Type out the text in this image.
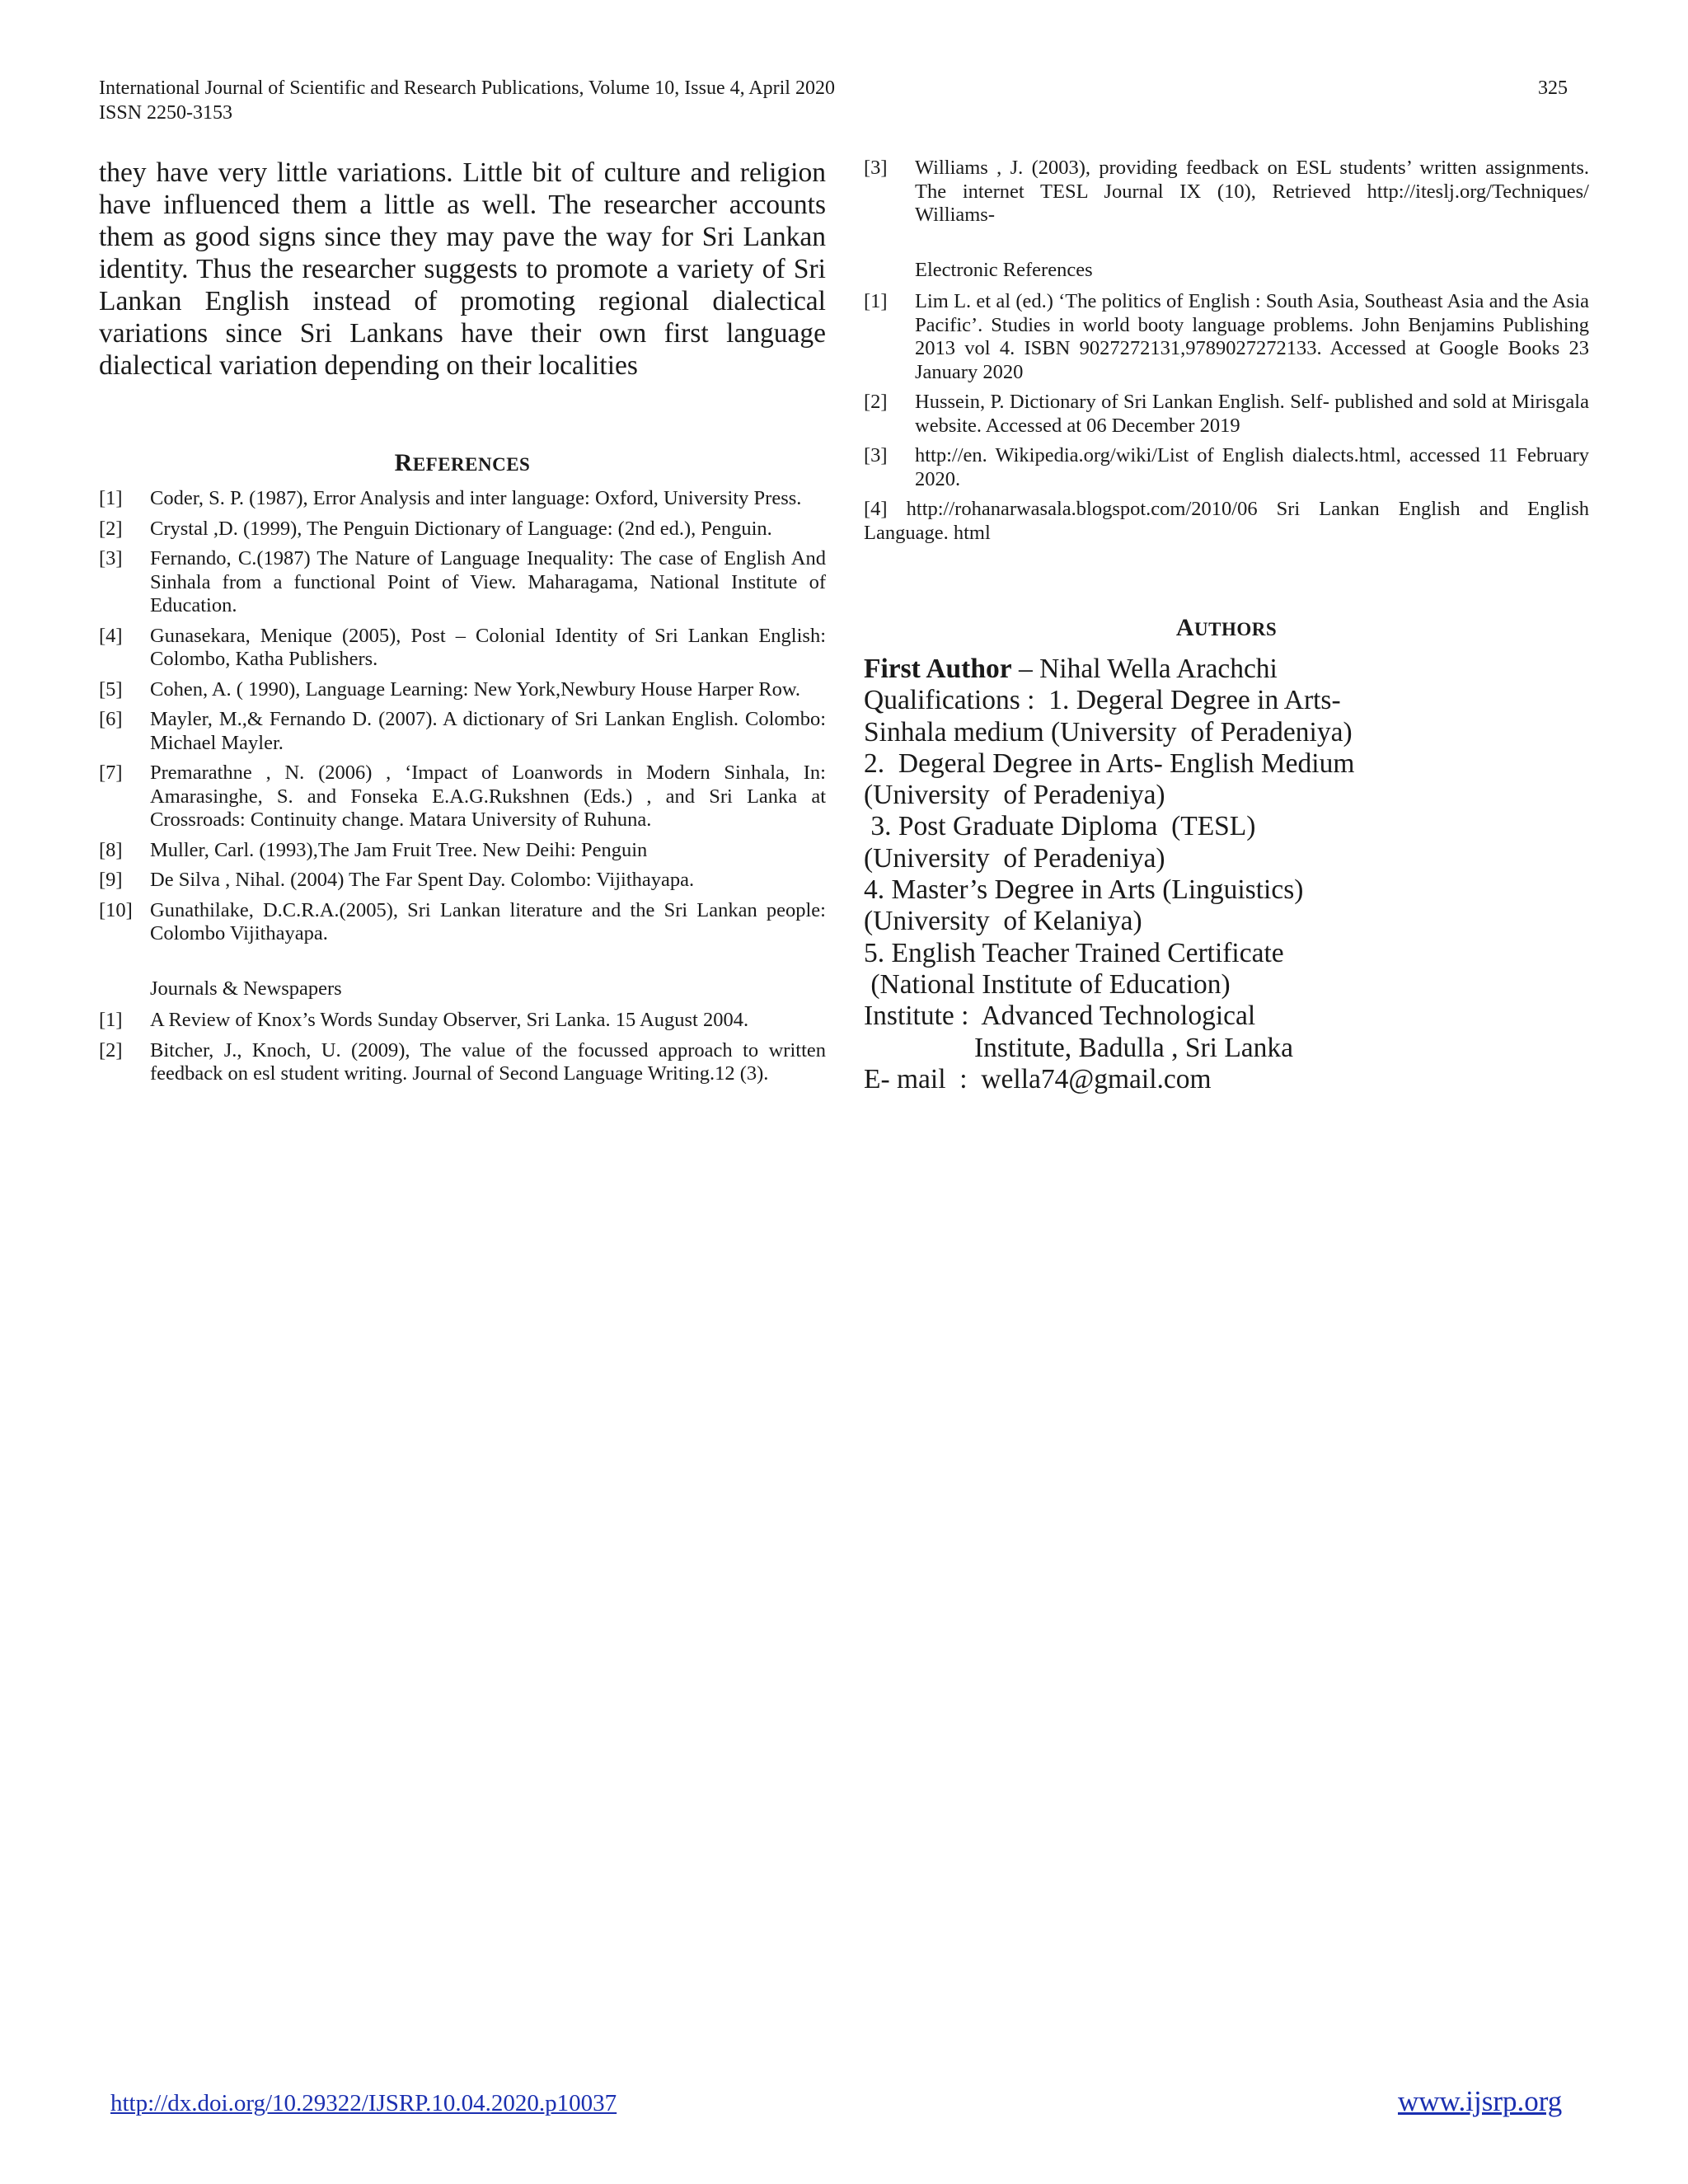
International Journal of Scientific and Research Publications, Volume 10, Issue 4, April 2020
ISSN 2250-3153
325

they have very little variations. Little bit of culture and religion have influenced them a little as well. The researcher accounts them as good signs since they may pave the way for Sri Lankan identity. Thus the researcher suggests to promote a variety of Sri Lankan English instead of promoting regional dialectical variations since Sri Lankans have their own first language dialectical variation depending on their localities

REFERENCES
[1]	Coder, S. P. (1987), Error Analysis and inter language: Oxford, University Press.
[2]	Crystal ,D. (1999), The Penguin Dictionary of Language: (2nd ed.), Penguin.
[3]	Fernando, C.(1987) The Nature of Language Inequality: The case of English And Sinhala from a functional Point of View. Maharagama, National Institute of Education.
[4]	Gunasekara, Menique (2005), Post – Colonial Identity of Sri Lankan English: Colombo, Katha Publishers.
[5]	Cohen, A. ( 1990), Language Learning: New York,Newbury House Harper Row.
[6]	Mayler, M.,& Fernando D. (2007). A dictionary of Sri Lankan English. Colombo: Michael Mayler.
[7]	Premarathne , N. (2006) , ‘Impact of Loanwords in Modern Sinhala, In: Amarasinghe, S. and Fonseka E.A.G.Rukshnen (Eds.) , and Sri Lanka at Crossroads: Continuity change. Matara University of Ruhuna.
[8]	Muller, Carl. (1993),The Jam Fruit Tree. New Deihi: Penguin
[9]	De Silva , Nihal. (2004) The Far Spent Day. Colombo: Vijithayapa.
[10] Gunathilake, D.C.R.A.(2005), Sri Lankan literature and the Sri Lankan people: Colombo Vijithayapa.

Journals & Newspapers

[1]	A Review of Knox’s Words Sunday Observer, Sri Lanka. 15 August 2004.
[2]	Bitcher, J., Knoch, U. (2009), The value of the focussed approach to written feedback on esl student writing. Journal of Second Language Writing.12 (3).
[3]	Williams , J. (2003), providing feedback on ESL students’ written assignments. The internet TESL Journal IX (10), Retrieved http://iteslj.org/Techniques/ Williams-

Electronic References

[1]	Lim L. et al (ed.) ‘The politics of English : South Asia, Southeast Asia and the Asia Pacific’. Studies in world booty language problems. John Benjamins Publishing 2013 vol 4. ISBN 9027272131,9789027272133. Accessed at Google Books 23 January 2020
[2]	Hussein, P. Dictionary of Sri Lankan English. Self- published and sold at Mirisgala website. Accessed at 06 December 2019
[3]	http://en. Wikipedia.org/wiki/List of English dialects.html, accessed 11 February 2020.
[4] http://rohanarwasala.blogspot.com/2010/06 Sri Lankan English and English Language. html
AUTHORS
First Author – Nihal Wella Arachchi
Qualifications :  1. Degeral Degree in Arts-
Sinhala medium (University  of Peradeniya)
2.  Degeral Degree in Arts- English Medium
(University  of Peradeniya)
3. Post Graduate Diploma  (TESL)
(University  of Peradeniya)
4. Master’s Degree in Arts (Linguistics)
(University  of Kelaniya)
5. English Teacher Trained Certificate
(National Institute of Education)
Institute :  Advanced Technological
Institute, Badulla , Sri Lanka
E- mail  :  wella74@gmail.com
http://dx.doi.org/10.29322/IJSRP.10.04.2020.p10037	www.ijsrp.org
